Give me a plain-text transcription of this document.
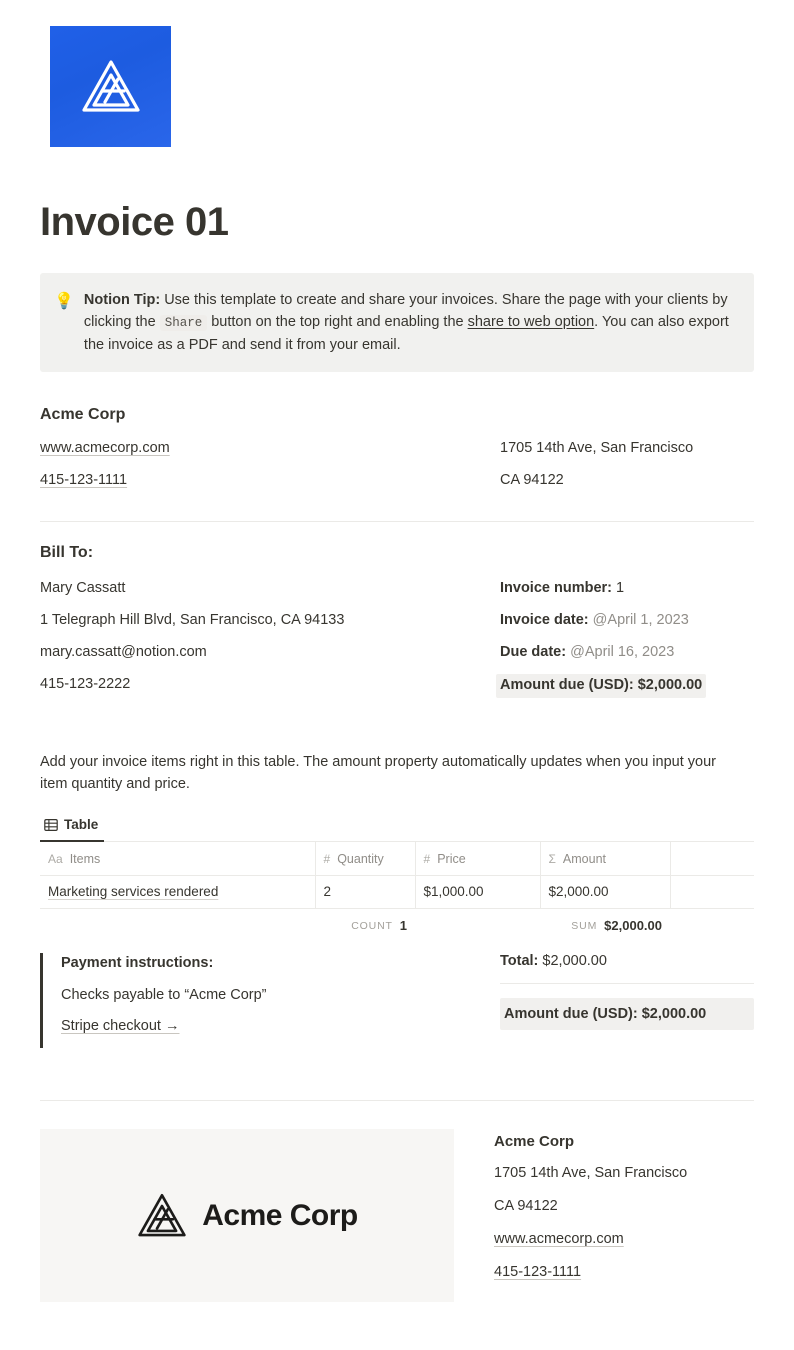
Invoice 01
💡 Notion Tip: Use this template to create and share your invoices. Share the page with your clients by clicking the Share button on the top right and enabling the share to web option. You can also export the invoice as a PDF and send it from your email.
Acme Corp
www.acmecorp.com
415-123-1111
1705 14th Ave, San Francisco
CA 94122
Bill To:
Mary Cassatt
1 Telegraph Hill Blvd, San Francisco, CA 94133
mary.cassatt@notion.com
415-123-2222
Invoice number: 1
Invoice date: @April 1, 2023
Due date: @April 16, 2023
Amount due (USD): $2,000.00
Add your invoice items right in this table. The amount property automatically updates when you input your item quantity and price.
Table
Aa Items	# Quantity	# Price	Σ Amount	

Marketing services rendered	2	$1,000.00	$2,000.00	
COUNT 1	SUM $2,000.00
Payment instructions:
Checks payable to “Acme Corp”
Stripe checkout →
Total: $2,000.00
Amount due (USD): $2,000.00
Acme Corp
Acme Corp
1705 14th Ave, San Francisco
CA 94122
www.acmecorp.com
415-123-1111
